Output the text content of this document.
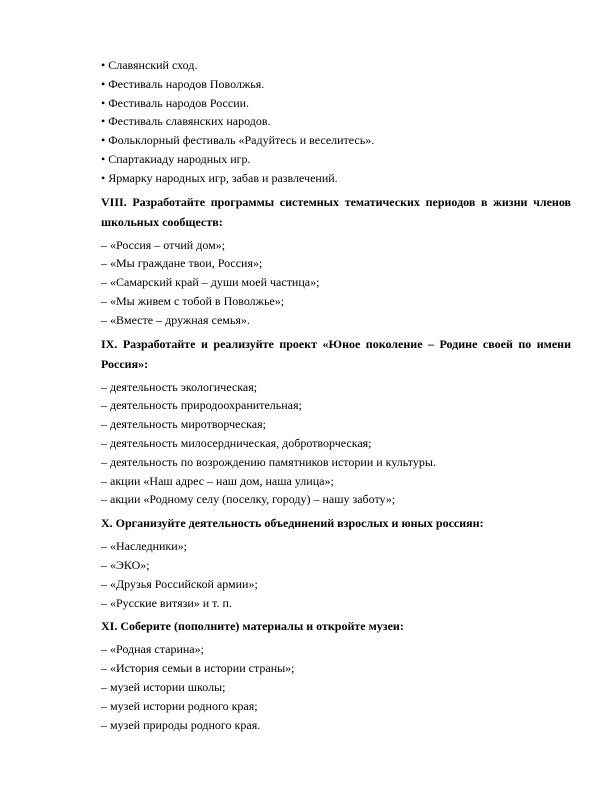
• Славянский сход.
• Фестиваль народов Поволжья.
• Фестиваль народов России.
• Фестиваль славянских народов.
• Фольклорный фестиваль «Радуйтесь и веселитесь».
• Спартакиаду народных игр.
• Ярмарку народных игр, забав и развлечений.
VIII. Разработайте программы системных тематических периодов в жизни членов школьных сообществ:
– «Россия – отчий дом»;
– «Мы граждане твои, Россия»;
– «Самарский край – души моей частица»;
– «Мы живем с тобой в Поволжье»;
– «Вместе – дружная семья».
IX. Разработайте и реализуйте проект «Юное поколение – Родине своей по имени Россия»:
– деятельность экологическая;
– деятельность природоохранительная;
– деятельность миротворческая;
– деятельность милосердническая, добротворческая;
– деятельность по возрождению памятников истории и культуры.
– акции «Наш адрес – наш дом, наша улица»;
– акции «Родному селу (поселку, городу) – нашу заботу»;
X. Организуйте деятельность объединений взрослых и юных россиян:
– «Наследники»;
– «ЭКО»;
– «Друзья Российской армии»;
– «Русские витязи» и т. п.
XI. Соберите (пополните) материалы и откройте музеи:
– «Родная старина»;
– «История семьи в истории страны»;
– музей истории школы;
– музей истории родного края;
– музей природы родного края.
